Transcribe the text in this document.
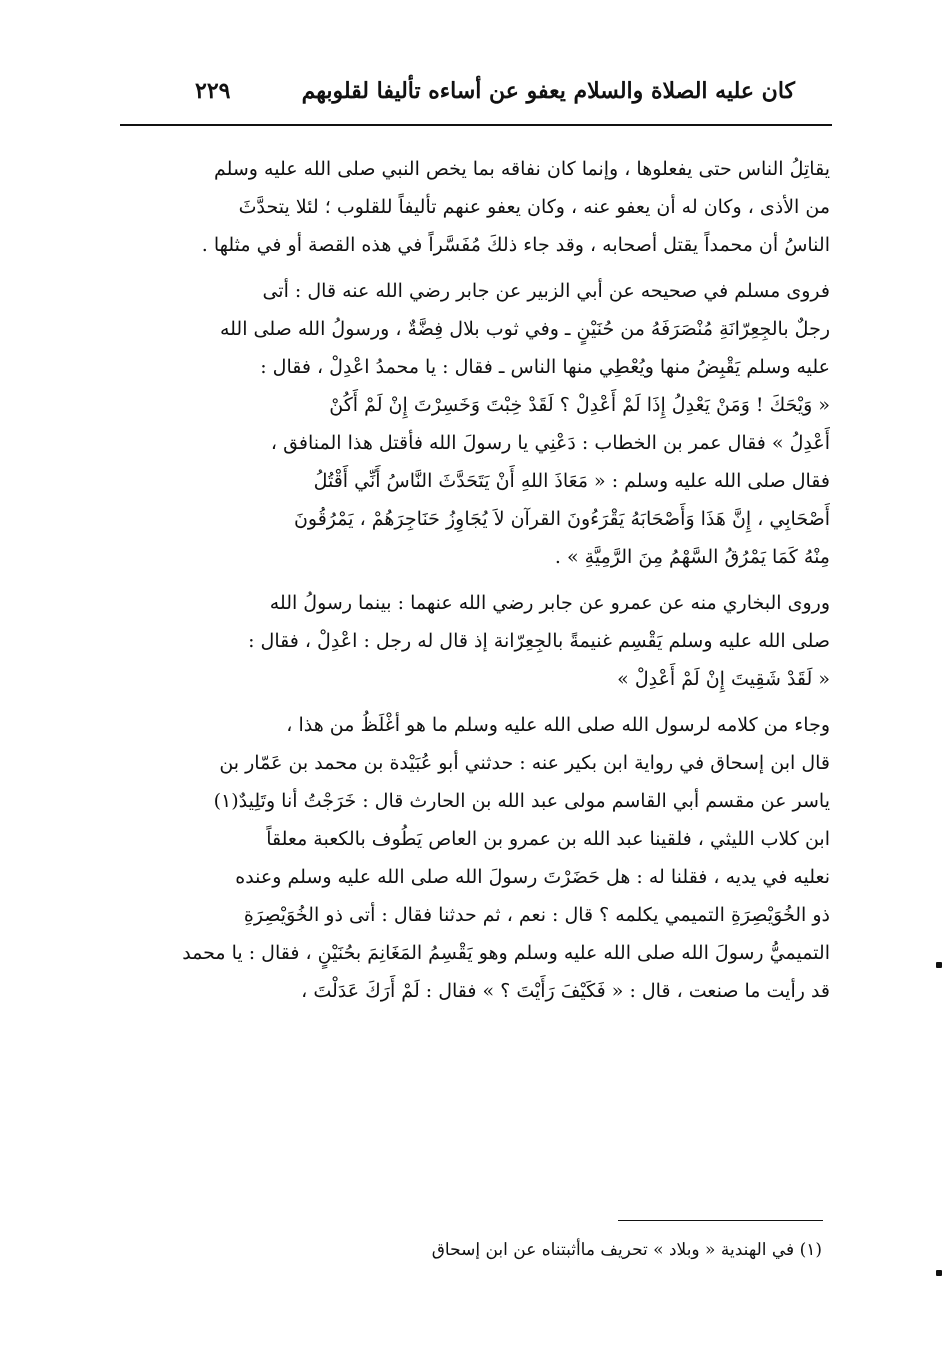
كان عليه الصلاة والسلام يعفو عن أساءه تأليفا لقلوبهم
٢٢٩
يقاتِلُ الناس حتى يفعلوها ، وإنما كان نفاقه بما يخص النبي صلى الله عليه وسلم
من الأذى ، وكان له أن يعفو عنه ، وكان يعفو عنهم تأليفاً للقلوب ؛ لئلا يتحدَّثَ
الناسُ أن محمداً يقتل أصحابه ، وقد جاء ذلكَ مُفَسَّراً في هذه القصة أو في مثلها .
فروى مسلم في صحيحه عن أبي الزبير عن جابر رضي الله عنه قال : أتى
رجلٌ بالجِعِرّانَةِ مُنْصَرَفَهُ من حُنَيْنٍ ـ وفي ثوب بلال فِضَّةٌ ، ورسولُ الله صلى الله
عليه وسلم يَقْبِضُ منها ويُعْطِي منها الناس ـ فقال : يا محمدُ اعْدِلْ ، فقال :
« وَيْحَكَ ! وَمَنْ يَعْدِلُ إِذَا لَمْ أَعْدِلْ ؟ لَقَدْ خِبْتَ وَخَسِرْتَ إِنْ لَمْ أَكُنْ
أَعْدِلُ » فقال عمر بن الخطاب : دَعْنِي يا رسولَ الله فأقتل هذا المنافق ،
فقال صلى الله عليه وسلم : « مَعَاذَ اللهِ أَنْ يَتَحَدَّثَ النَّاسُ أَنِّي أَقْتُلُ
أَصْحَابِي ، إِنَّ هَذَا وَأَصْحَابَهُ يَقْرَءُونَ القرآن لاَ يُجَاوِزُ حَنَاجِرَهُمْ ، يَمْرُقُونَ
مِنْهُ كَمَا يَمْرُقُ السَّهْمُ مِنَ الرَّمِيَّةِ » .
وروى البخاري منه عن عمرو عن جابر رضي الله عنهما : بينما رسولُ الله
صلى الله عليه وسلم يَقْسِم غنيمةً بالجِعِرّانة إذ قال له رجل : اعْدِلْ ، فقال :
« لَقَدْ شَقِيتَ إِنْ لَمْ أَعْدِلْ »
وجاء من كلامه لرسول الله صلى الله عليه وسلم ما هو أغْلَظُ من هذا ،
قال ابن إسحاق في رواية ابن بكير عنه : حدثني أبو عُبَيْدة بن محمد بن عَمّار بن
ياسر عن مقسم أبي القاسم مولى عبد الله بن الحارث قال : خَرَجْتُ أنا وتَلِيدٌ(١)
ابن كلاب الليثي ، فلقينا عبد الله بن عمرو بن العاص يَطُوف بالكعبة معلقاً
نعليه في يديه ، فقلنا له : هل حَضَرْتَ رسولَ الله صلى الله عليه وسلم وعنده
ذو الخُوَيْصِرَةِ التميمي يكلمه ؟ قال : نعم ، ثم حدثنا فقال : أتى ذو الخُوَيْصِرَةِ
التميميُّ رسولَ الله صلى الله عليه وسلم وهو يَقْسِمُ المَغَانِمَ بحُنَيْنٍ ، فقال : يا محمد
قد رأيت ما صنعت ، قال : « فَكَيْفَ رَأَيْتَ ؟ » فقال : لَمْ أَرَكَ عَدَلْتَ ،
(١) في الهندية « وبلاد » تحريف ماأثبتناه عن ابن إسحاق
